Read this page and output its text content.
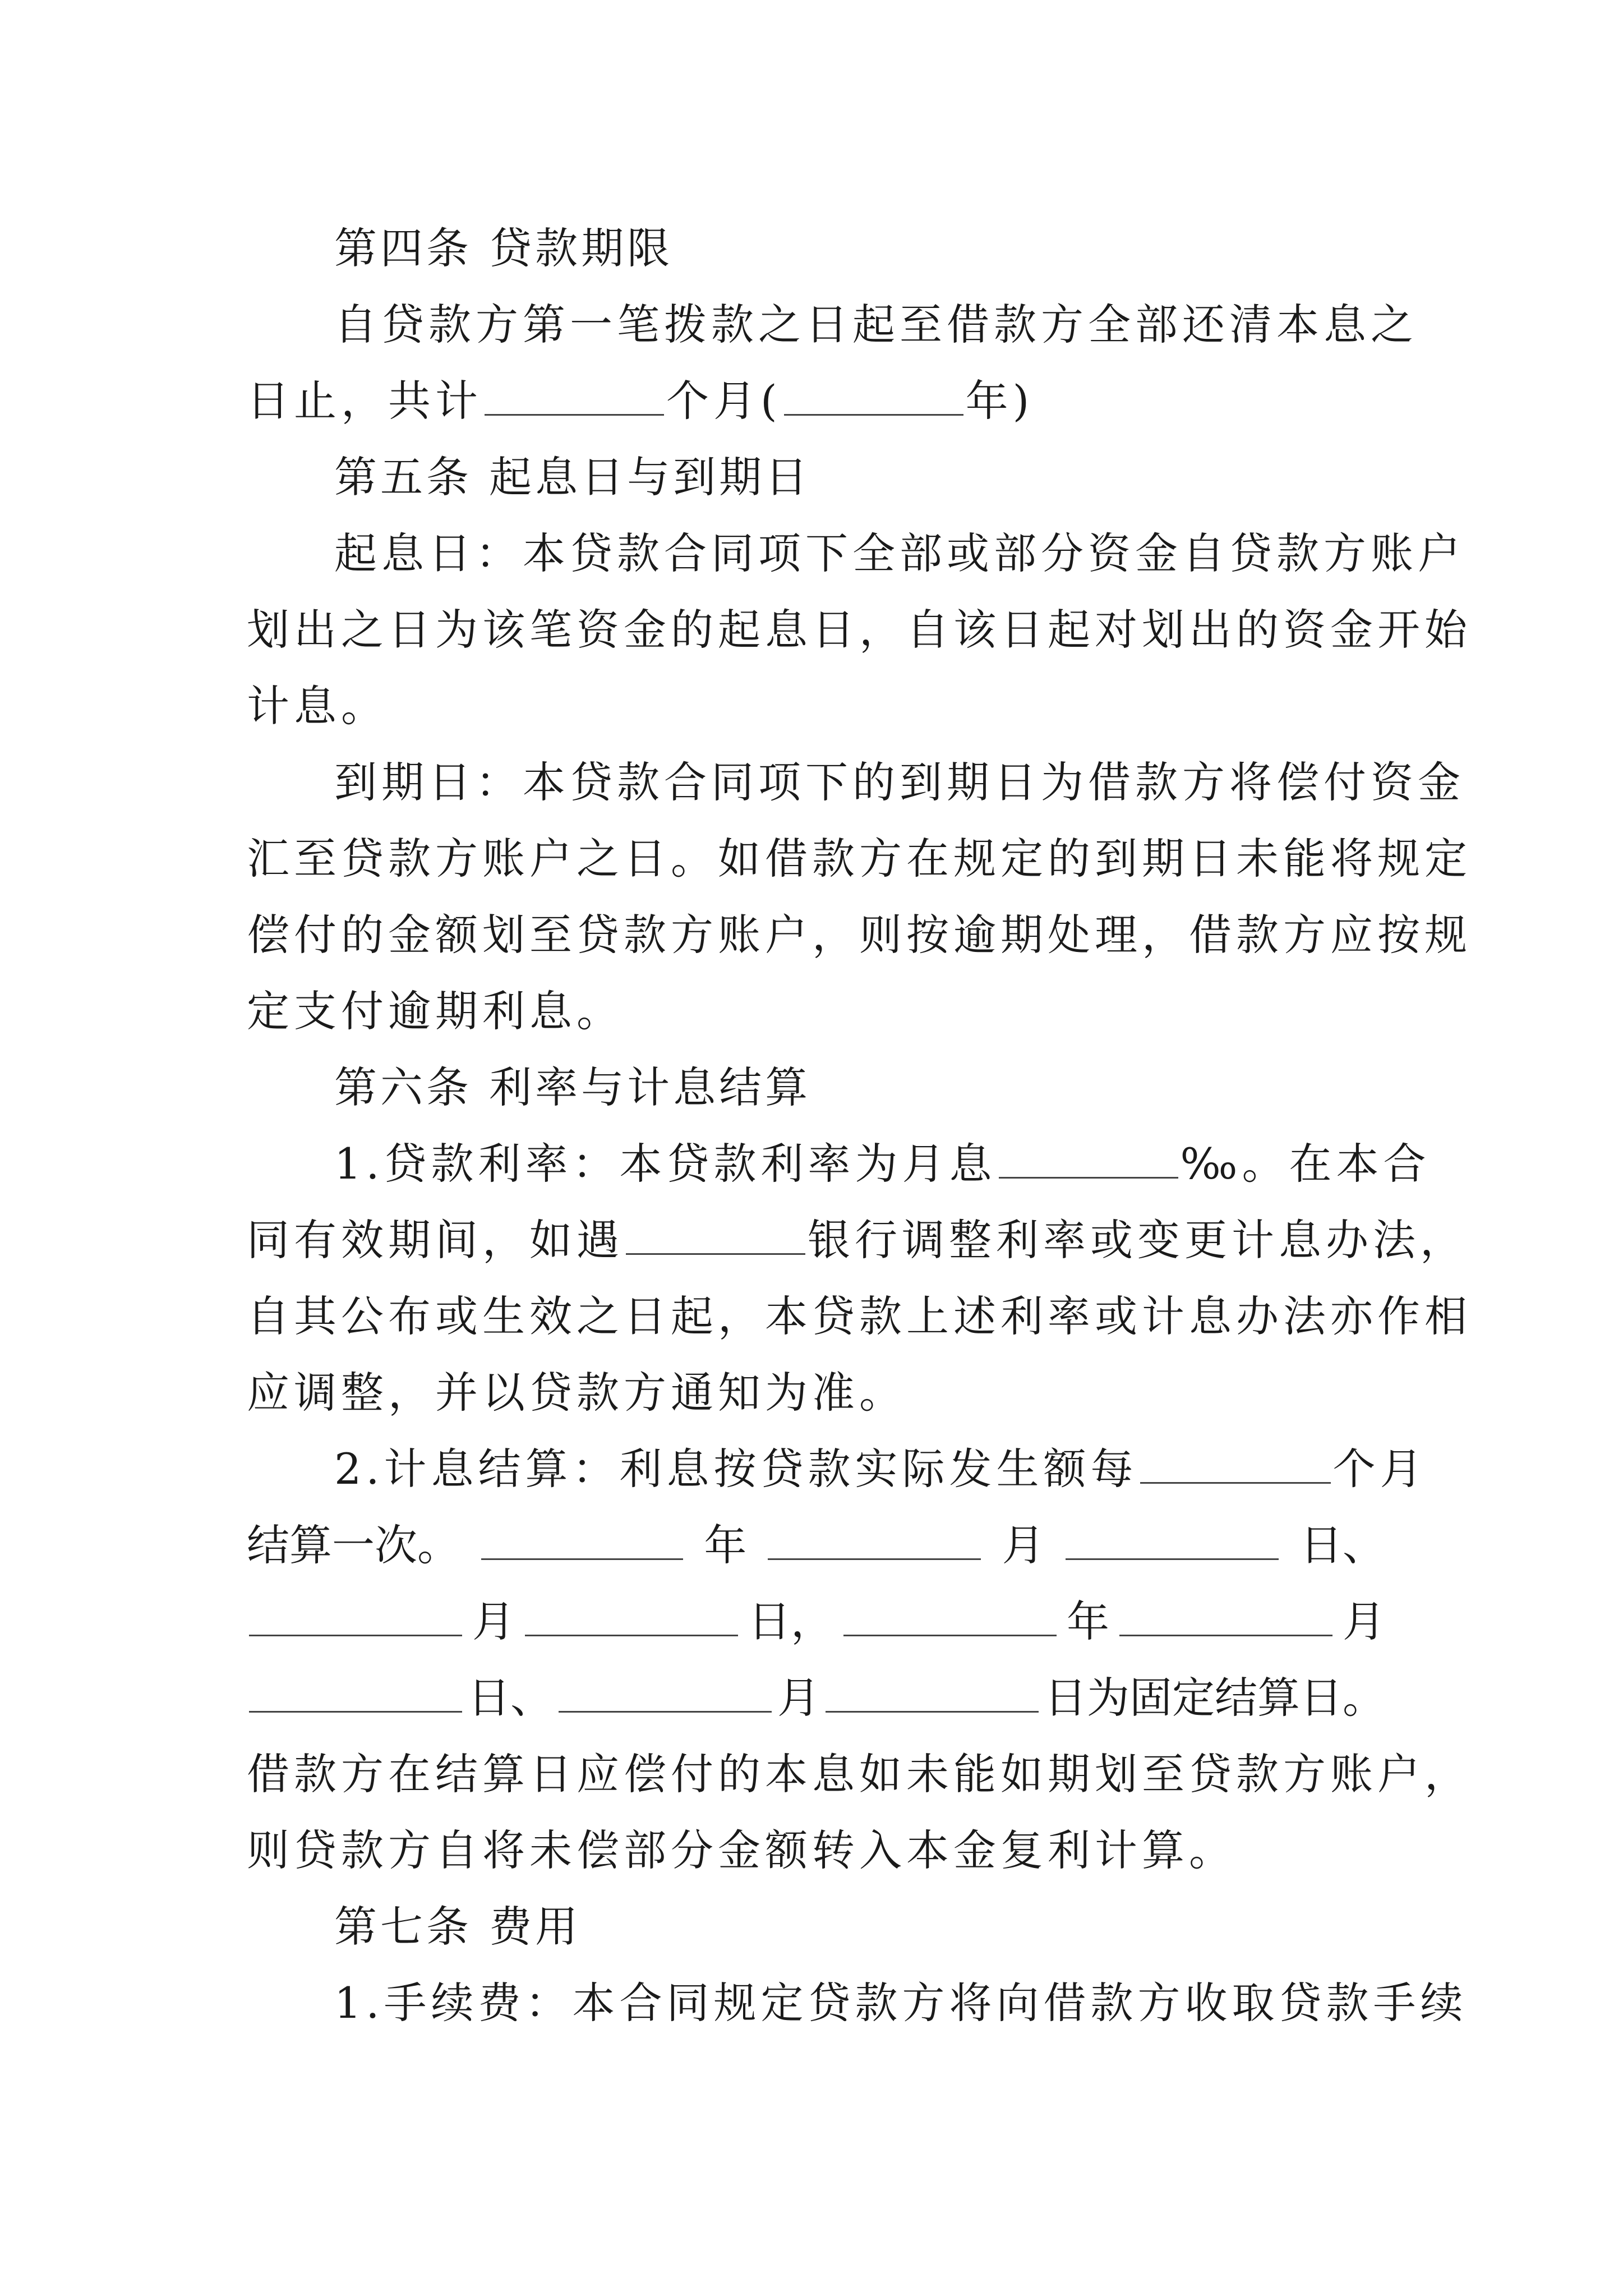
第四条 贷款期限
自贷款方第一笔拨款之日起至借款方全部还清本息之
日止，共计	个月(	年)
第五条 起息日与到期日
起息日：本贷款合同项下全部或部分资金自贷款方账户
划出之日为该笔资金的起息日，自该日起对划出的资金开始
计息。
到期日：本贷款合同项下的到期日为借款方将偿付资金
汇至贷款方账户之日。如借款方在规定的到期日未能将规定
偿付的金额划至贷款方账户，则按逾期处理，借款方应按规
定支付逾期利息。
第六条 利率与计息结算
1.贷款利率：本贷款利率为月息	‰。在本合
同有效期间，如遇	银行调整利率或变更计息办法，
自其公布或生效之日起，本贷款上述利率或计息办法亦作相
应调整，并以贷款方通知为准。
2.计息结算：利息按贷款实际发生额每	个月
结算一次。	年	月	日、
月	日，	年	月
日、	月	日为固定结算日。
借款方在结算日应偿付的本息如未能如期划至贷款方账户，
则贷款方自将未偿部分金额转入本金复利计算。
第七条 费用
1.手续费：本合同规定贷款方将向借款方收取贷款手续
